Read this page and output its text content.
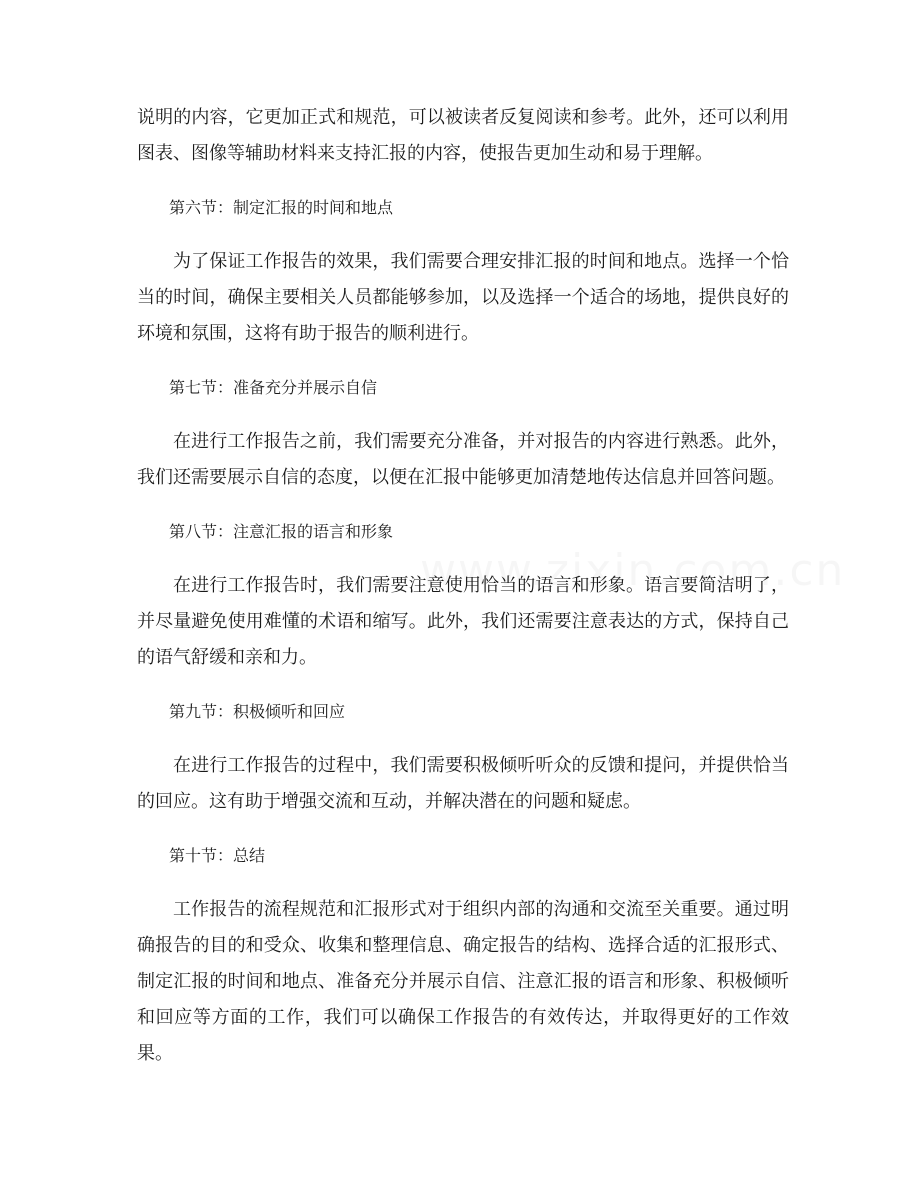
说明的内容，它更加正式和规范，可以被读者反复阅读和参考。此外，还可以利用图表、图像等辅助材料来支持汇报的内容，使报告更加生动和易于理解。

第六节：制定汇报的时间和地点

为了保证工作报告的效果，我们需要合理安排汇报的时间和地点。选择一个恰当的时间，确保主要相关人员都能够参加，以及选择一个适合的场地，提供良好的环境和氛围，这将有助于报告的顺利进行。

第七节：准备充分并展示自信

在进行工作报告之前，我们需要充分准备，并对报告的内容进行熟悉。此外，我们还需要展示自信的态度，以便在汇报中能够更加清楚地传达信息并回答问题。

第八节：注意汇报的语言和形象

在进行工作报告时，我们需要注意使用恰当的语言和形象。语言要简洁明了，并尽量避免使用难懂的术语和缩写。此外，我们还需要注意表达的方式，保持自己的语气舒缓和亲和力。

第九节：积极倾听和回应

在进行工作报告的过程中，我们需要积极倾听听众的反馈和提问，并提供恰当的回应。这有助于增强交流和互动，并解决潜在的问题和疑虑。

第十节：总结

工作报告的流程规范和汇报形式对于组织内部的沟通和交流至关重要。通过明确报告的目的和受众、收集和整理信息、确定报告的结构、选择合适的汇报形式、制定汇报的时间和地点、准备充分并展示自信、注意汇报的语言和形象、积极倾听和回应等方面的工作，我们可以确保工作报告的有效传达，并取得更好的工作效果。
